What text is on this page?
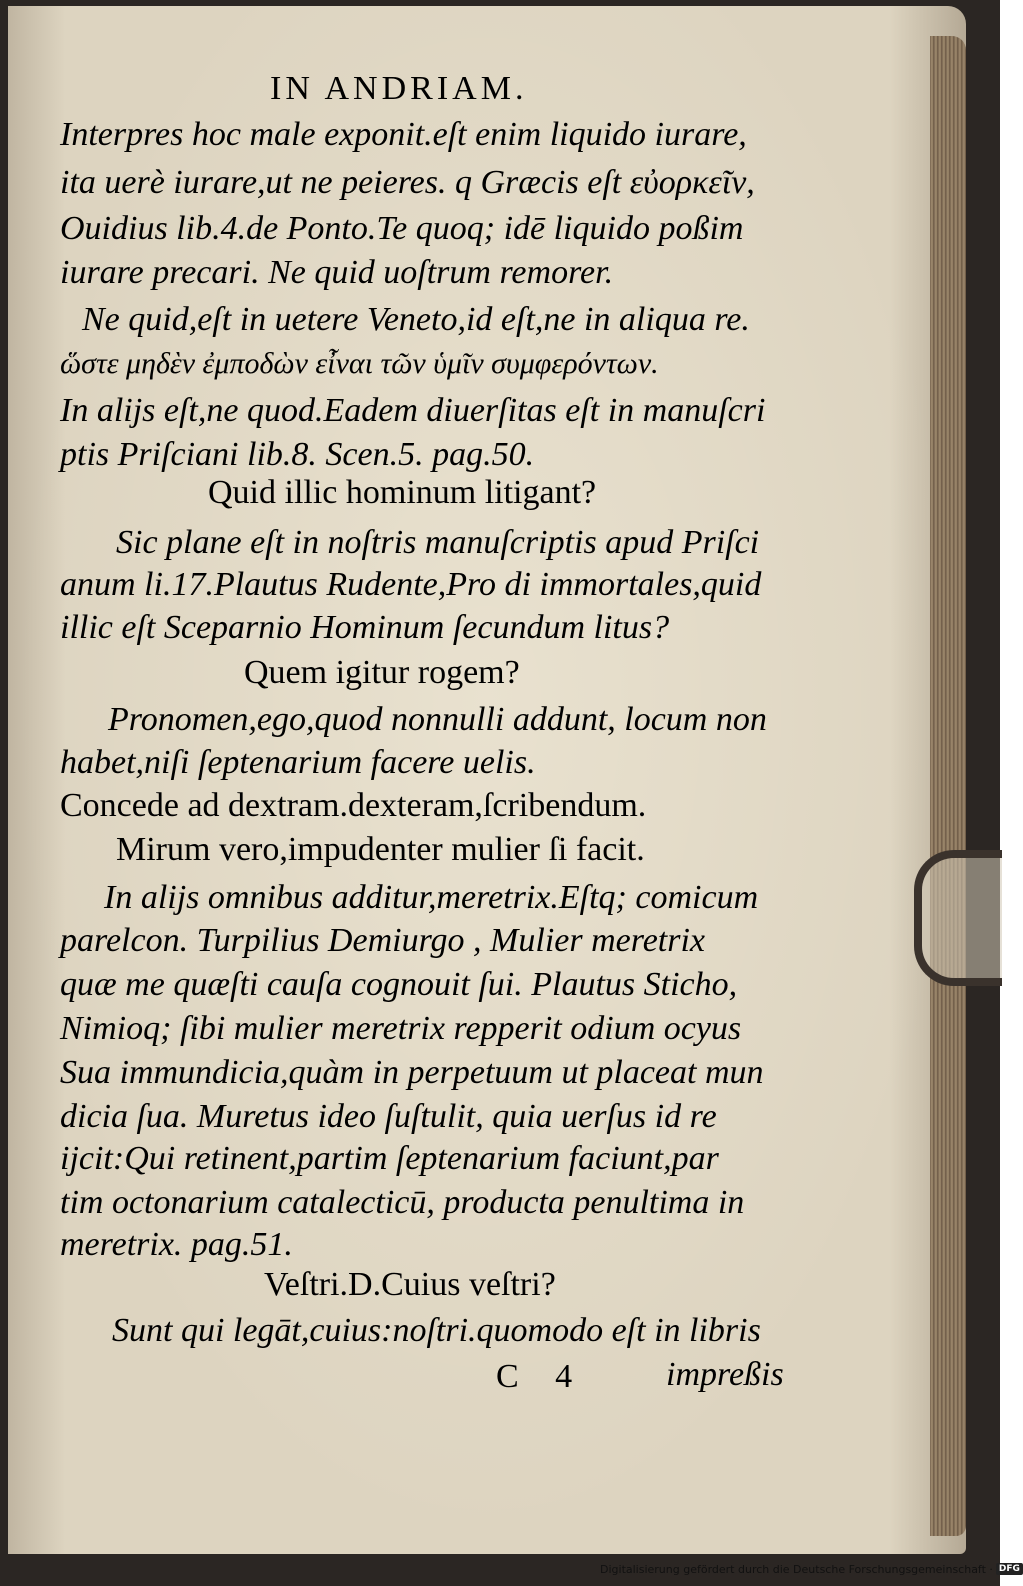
IN ANDRIAM.
Interpres hoc male exponit.eſt enim liquido iurare,
ita uerè iurare,ut ne peieres. q Græcis eſt εὐορκεῖν,
Ouidius lib.4.de Ponto.Te quoq; idē liquido poßim
iurare precari. Ne quid uoſtrum remorer.
Ne quid,eſt in uetere Veneto,id eſt,ne in aliqua re.
ὥστε μηδὲν ἐμποδὼν εἶναι τῶν ὑμῖν συμφερόντων.
In alijs eſt,ne quod.Eadem diuerſitas eſt in manuſcri
ptis Priſciani lib.8. Scen.5. pag.50.
Quid illic hominum litigant?
Sic plane eſt in noſtris manuſcriptis apud Priſci
anum li.17.Plautus Rudente,Pro di immortales,quid
illic eſt Sceparnio Hominum ſecundum litus?
Quem igitur rogem?
Pronomen,ego,quod nonnulli addunt, locum non
habet,niſi ſeptenarium facere uelis.
Concede ad dextram.dexteram,ſcribendum.
Mirum vero,impudenter mulier ſi facit.
In alijs omnibus additur,meretrix.Eſtq; comicum
parelcon. Turpilius Demiurgo , Mulier meretrix
quæ me quæſti cauſa cognouit ſui. Plautus Sticho,
Nimioq; ſibi mulier meretrix repperit odium ocyus
Sua immundicia,quàm in perpetuum ut placeat mun
dicia ſua. Muretus ideo ſuſtulit, quia uerſus id re
ijcit:Qui retinent,partim ſeptenarium faciunt,par
tim octonarium catalecticū, producta penultima in
meretrix. pag.51.
Veſtri.D.Cuius veſtri?
Sunt qui legāt,cuius:noſtri.quomodo eſt in libris
C 4 impreßis
Digitalisierung gefördert durch die Deutsche Forschungsgemeinschaft · DFG
